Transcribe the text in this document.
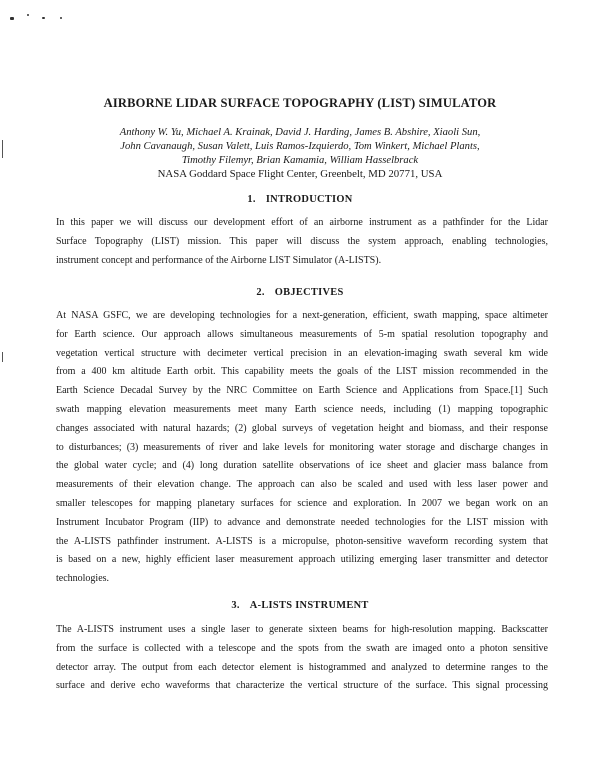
AIRBORNE LIDAR SURFACE TOPOGRAPHY (LIST) SIMULATOR
Anthony W. Yu, Michael A. Krainak, David J. Harding, James B. Abshire, Xiaoli Sun,
John Cavanaugh, Susan Valett, Luis Ramos-Izquierdo, Tom Winkert, Michael Plants,
Timothy Filemyr, Brian Kamamia, William Hasselbrack
NASA Goddard Space Flight Center, Greenbelt, MD 20771, USA
1. INTRODUCTION
In this paper we will discuss our development effort of an airborne instrument as a pathfinder for the Lidar
Surface Topography (LIST) mission. This paper will discuss the system approach, enabling technologies,
instrument concept and performance of the Airborne LIST Simulator (A-LISTS).
2. OBJECTIVES
At NASA GSFC, we are developing technologies for a next-generation, efficient, swath mapping, space altimeter
for Earth science. Our approach allows simultaneous measurements of 5-m spatial resolution topography and
vegetation vertical structure with decimeter vertical precision in an elevation-imaging swath several km wide
from a 400 km altitude Earth orbit. This capability meets the goals of the LIST mission recommended in the
Earth Science Decadal Survey by the NRC Committee on Earth Science and Applications from Space.[1] Such
swath mapping elevation measurements meet many Earth science needs, including (1) mapping topographic
changes associated with natural hazards; (2) global surveys of vegetation height and biomass, and their response
to disturbances; (3) measurements of river and lake levels for monitoring water storage and discharge changes in
the global water cycle; and (4) long duration satellite observations of ice sheet and glacier mass balance from
measurements of their elevation change. The approach can also be scaled and used with less laser power and
smaller telescopes for mapping planetary surfaces for science and exploration. In 2007 we began work on an
Instrument Incubator Program (IIP) to advance and demonstrate needed technologies for the LIST mission with
the A-LISTS pathfinder instrument. A-LISTS is a micropulse, photon-sensitive waveform recording system that
is based on a new, highly efficient laser measurement approach utilizing emerging laser transmitter and detector
technologies.
3. A-LISTS INSTRUMENT
The A-LISTS instrument uses a single laser to generate sixteen beams for high-resolution mapping. Backscatter
from the surface is collected with a telescope and the spots from the swath are imaged onto a photon sensitive
detector array. The output from each detector element is histogrammed and analyzed to determine ranges to the
surface and derive echo waveforms that characterize the vertical structure of the surface. This signal processing
